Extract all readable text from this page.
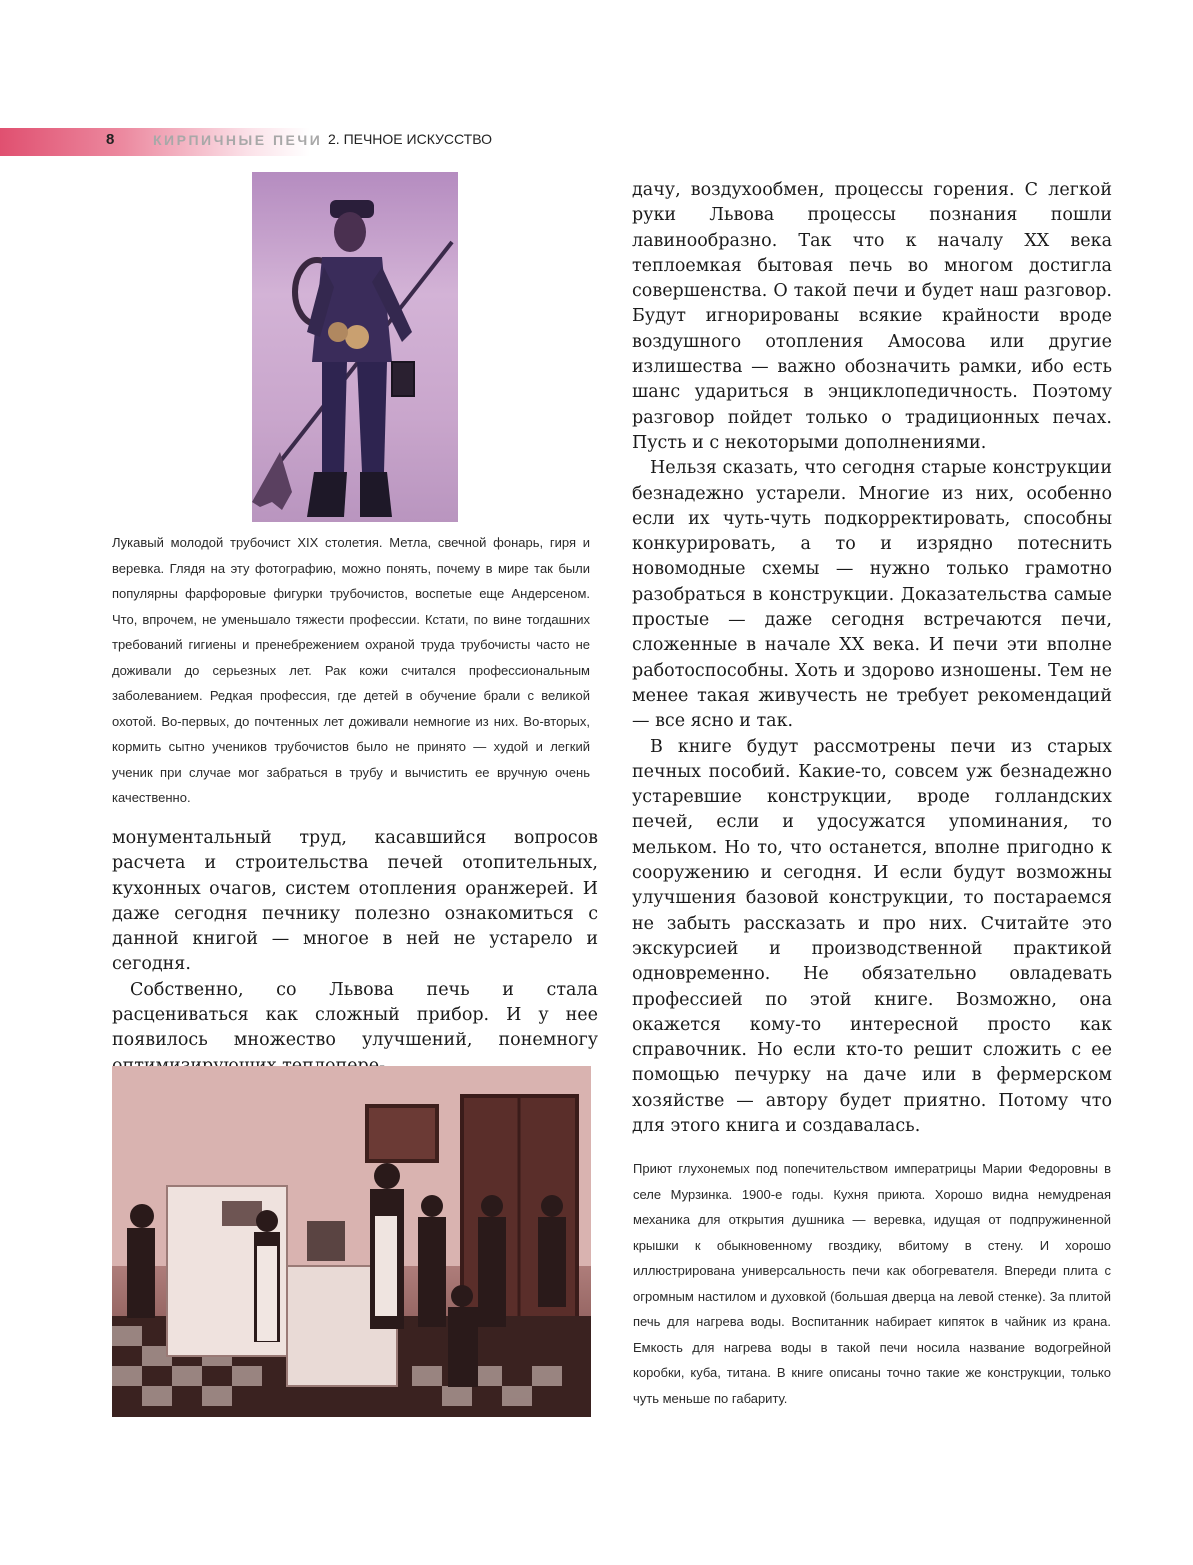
8	КИРПИЧНЫЕ ПЕЧИ 2. ПЕЧНОЕ ИСКУССТВО
Лукавый молодой трубочист XIX столетия. Метла, свечной фонарь, гиря и веревка. Глядя на эту фотографию, можно понять, почему в мире так были популярны фарфоровые фигурки трубочистов, воспетые еще Андерсеном. Что, впрочем, не уменьшало тяжести профессии. Кстати, по вине тогдашних требований гигиены и пренебрежением охраной труда трубочисты часто не доживали до серьезных лет. Рак кожи считался профессиональным заболеванием. Редкая профессия, где детей в обучение брали с великой охотой. Во-первых, до почтенных лет доживали немногие из них. Во-вторых, кормить сытно учеников трубочистов было не принято — худой и легкий ученик при случае мог забраться в трубу и вычистить ее вручную очень качественно.

дачу, воздухообмен, процессы горения. С легкой руки Львова процессы познания пошли лавинообразно. Так что к началу XX века теплоемкая бытовая печь во многом достигла совершенства. О такой печи и будет наш разговор. Будут игнорированы всякие крайности вроде воздушного отопления Амосова или другие излишества — важно обозначить рамки, ибо есть шанс удариться в энциклопедичность. Поэтому разговор пойдет только о традиционных печах. Пусть и с некоторыми дополнениями.

Нельзя сказать, что сегодня старые конструкции безнадежно устарели. Многие из них, особенно если их чуть-чуть подкорректировать, способны конкурировать, а то и изрядно потеснить новомодные схемы — нужно только грамотно разобраться в конструкции. Доказательства самые простые — даже сегодня встречаются печи, сложенные в начале XX века. И печи эти вполне работоспособны. Хоть и здорово изношены. Тем не менее такая живучесть не требует рекомендаций — все ясно и так.

В книге будут рассмотрены печи из старых печных пособий. Какие-то, совсем уж безнадежно устаревшие конструкции, вроде голландских печей, если и удосужатся упоминания, то мельком. Но то, что останется, вполне пригодно к сооружению и сегодня. И если будут возможны улучшения базовой конструкции, то постараемся не забыть рассказать и про них. Считайте это экскурсией и производственной практикой одновременно. Не обязательно овладевать профессией по этой книге. Возможно, она окажется кому-то интересной просто как справочник. Но если кто-то решит сложить с ее помощью печурку на даче или в фермерском хозяйстве — автору будет приятно. Потому что для этого книга и создавалась.

монументальный труд, касавшийся вопросов расчета и строительства печей отопительных, кухонных очагов, систем отопления оранжерей. И даже сегодня печнику полезно ознакомиться с данной книгой — многое в ней не устарело и сегодня.

Собственно, со Львова печь и стала расцениваться как сложный прибор. И у нее появилось множество улучшений, понемногу

Приют глухонемых под попечительством императрицы Марии Федоровны в селе Мурзинка. 1900-е годы. Кухня приюта. Хорошо видна немудреная механика для открытия душника — веревка, идущая от подпружиненной крышки к обыкновенному гвоздику, вбитому в стену. И хорошо иллюстрирована универсальность печи как обогревателя. Впереди плита с огромным настилом и духовкой (большая дверца на левой стенке). За плитой печь для нагрева воды. Воспитанник набирает кипяток в чайник из крана. Емкость для нагрева воды в такой печи носила название водогрейной коробки, куба, титана. В книге описаны точно такие же конструкции, только чуть меньше по габариту.
